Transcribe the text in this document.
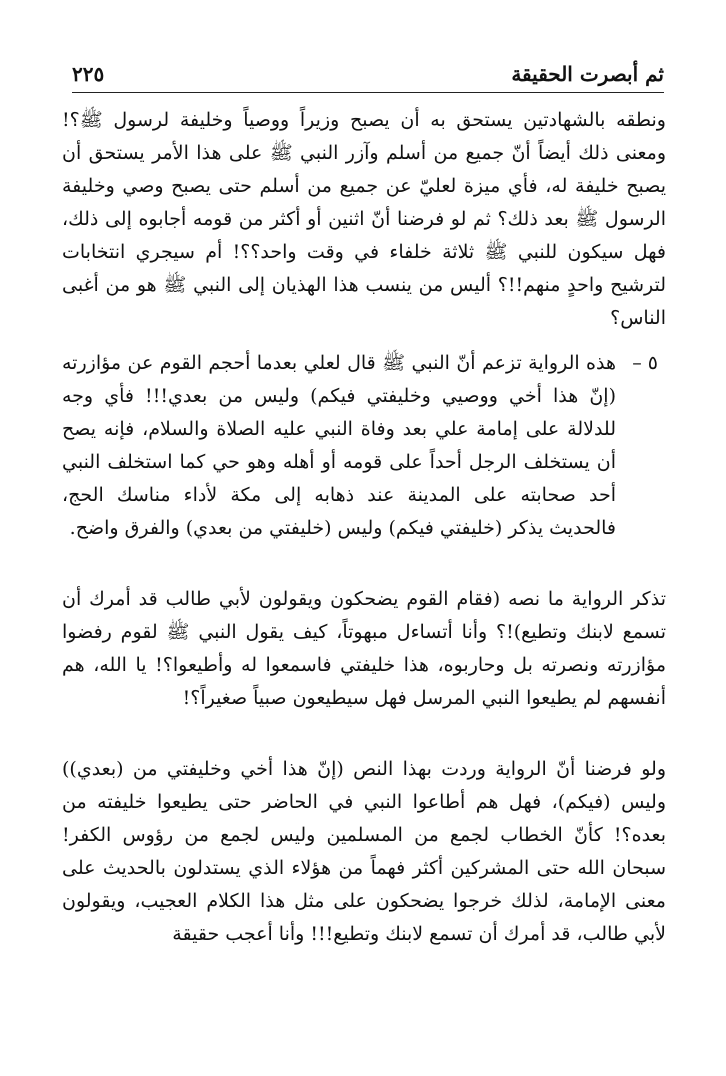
ثم أبصرت الحقيقة
٢٢٥

ونطقه بالشهادتين يستحق به أن يصبح وزيراً ووصياً وخليفة لرسول ﷺ؟! ومعنى ذلك أيضاً أنّ جميع من أسلم وآزر النبي ﷺ على هذا الأمر يستحق أن يصبح خليفة له، فأي ميزة لعليّ عن جميع من أسلم حتى يصبح وصي وخليفة الرسول ﷺ بعد ذلك؟ ثم لو فرضنا أنّ اثنين أو أكثر من قومه أجابوه إلى ذلك، فهل سيكون للنبي ﷺ ثلاثة خلفاء في وقت واحد؟؟! أم سيجري انتخابات لترشيح واحدٍ منهم!!؟ أليس من ينسب هذا الهذيان إلى النبي ﷺ هو من أغبى الناس؟

٥ –

هذه الرواية تزعم أنّ النبي ﷺ قال لعلي بعدما أحجم القوم عن مؤازرته (إنّ هذا أخي ووصيي وخليفتي فيكم) وليس من بعدي!!! فأي وجه للدلالة على إمامة علي بعد وفاة النبي عليه الصلاة والسلام، فإنه يصح أن يستخلف الرجل أحداً على قومه أو أهله وهو حي كما استخلف النبي أحد صحابته على المدينة عند ذهابه إلى مكة لأداء مناسك الحج، فالحديث يذكر (خليفتي فيكم) وليس (خليفتي من بعدي) والفرق واضح.

تذكر الرواية ما نصه (فقام القوم يضحكون ويقولون لأبي طالب قد أمرك أن تسمع لابنك وتطيع)!؟ وأنا أتساءل مبهوتاً، كيف يقول النبي ﷺ لقوم رفضوا مؤازرته ونصرته بل وحاربوه، هذا خليفتي فاسمعوا له وأطيعوا؟! يا الله، هم أنفسهم لم يطيعوا النبي المرسل فهل سيطيعون صبياً صغيراً؟!

ولو فرضنا أنّ الرواية وردت بهذا النص (إنّ هذا أخي وخليفتي من (بعدي)) وليس (فيكم)، فهل هم أطاعوا النبي في الحاضر حتى يطيعوا خليفته من بعده؟! كأنّ الخطاب لجمع من المسلمين وليس لجمع من رؤوس الكفر! سبحان الله حتى المشركين أكثر فهماً من هؤلاء الذي يستدلون بالحديث على معنى الإمامة، لذلك خرجوا يضحكون على مثل هذا الكلام العجيب، ويقولون لأبي طالب، قد أمرك أن تسمع لابنك وتطيع!!! وأنا أعجب حقيقة
